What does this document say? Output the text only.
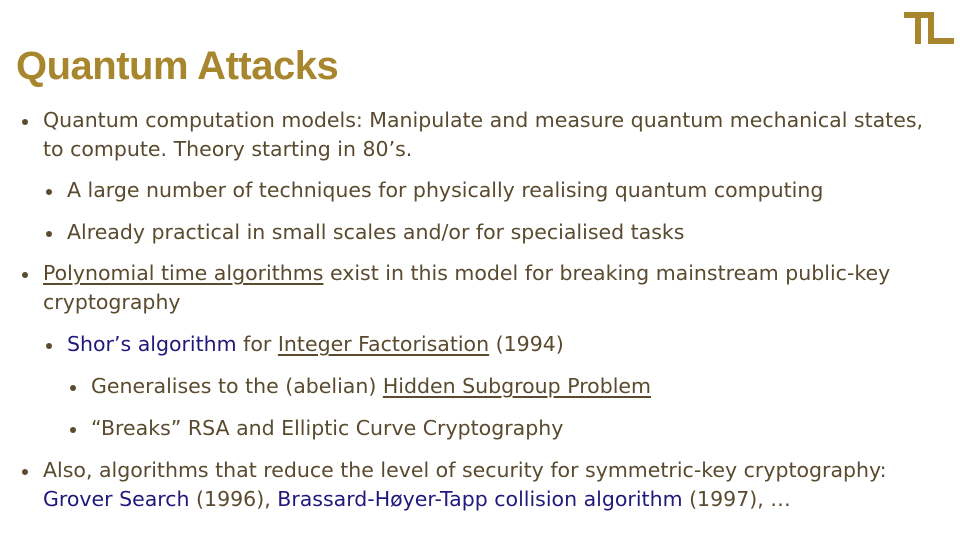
Quantum Attacks
Quantum computation models: Manipulate and measure quantum mechanical states, to compute. Theory starting in 80’s.
A large number of techniques for physically realising quantum computing
Already practical in small scales and/or for specialised tasks
Polynomial time algorithms exist in this model for breaking mainstream public-key cryptography
Shor’s algorithm for Integer Factorisation (1994)
Generalises to the (abelian) Hidden Subgroup Problem
“Breaks” RSA and Elliptic Curve Cryptography
Also, algorithms that reduce the level of security for symmetric-key cryptography: Grover Search (1996), Brassard-Høyer-Tapp collision algorithm (1997), …
